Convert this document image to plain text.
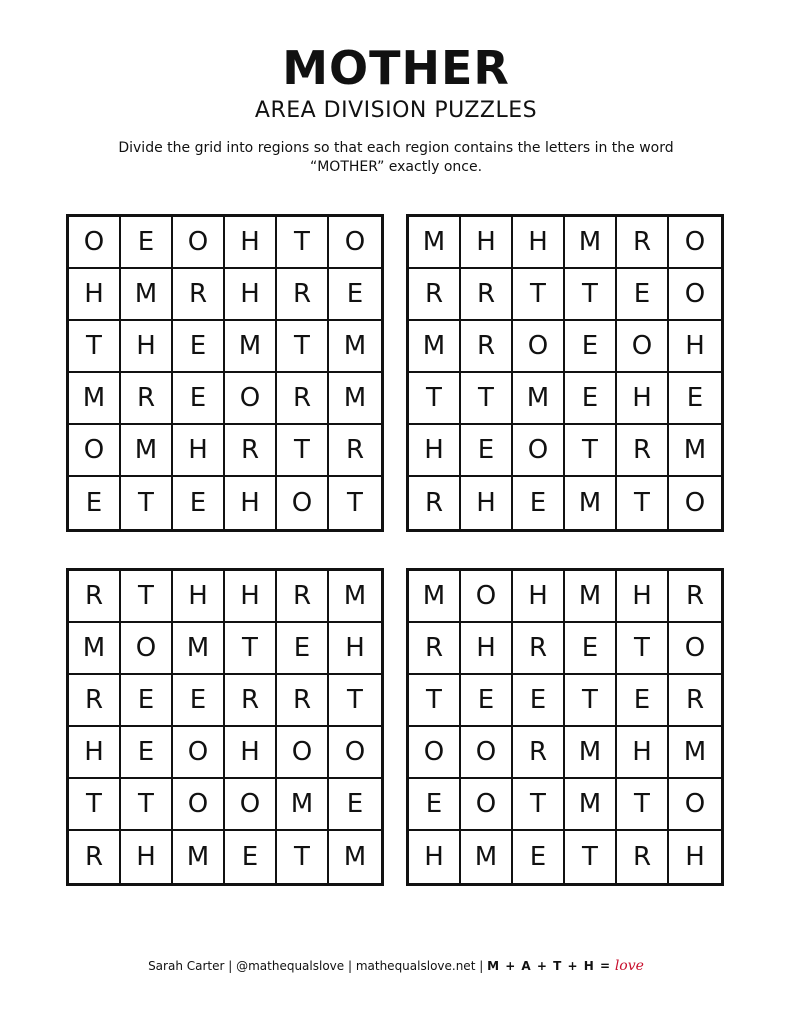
MOTHER
AREA DIVISION PUZZLES
Divide the grid into regions so that each region contains the letters in the word “MOTHER” exactly once.
O	E	O	H	T	O
H	M	R	H	R	E
T	H	E	M	T	M
M	R	E	O	R	M
O	M	H	R	T	R
E	T	E	H	O	T
M	H	H	M	R	O
R	R	T	T	E	O
M	R	O	E	O	H
T	T	M	E	H	E
H	E	O	T	R	M
R	H	E	M	T	O
R	T	H	H	R	M
M	O	M	T	E	H
R	E	E	R	R	T
H	E	O	H	O	O
T	T	O	O	M	E
R	H	M	E	T	M
M	O	H	M	H	R
R	H	R	E	T	O
T	E	E	T	E	R
O	O	R	M	H	M
E	O	T	M	T	O
H	M	E	T	R	H
Sarah Carter | @mathequalslove | mathequalslove.net | M + A + T + H = love
